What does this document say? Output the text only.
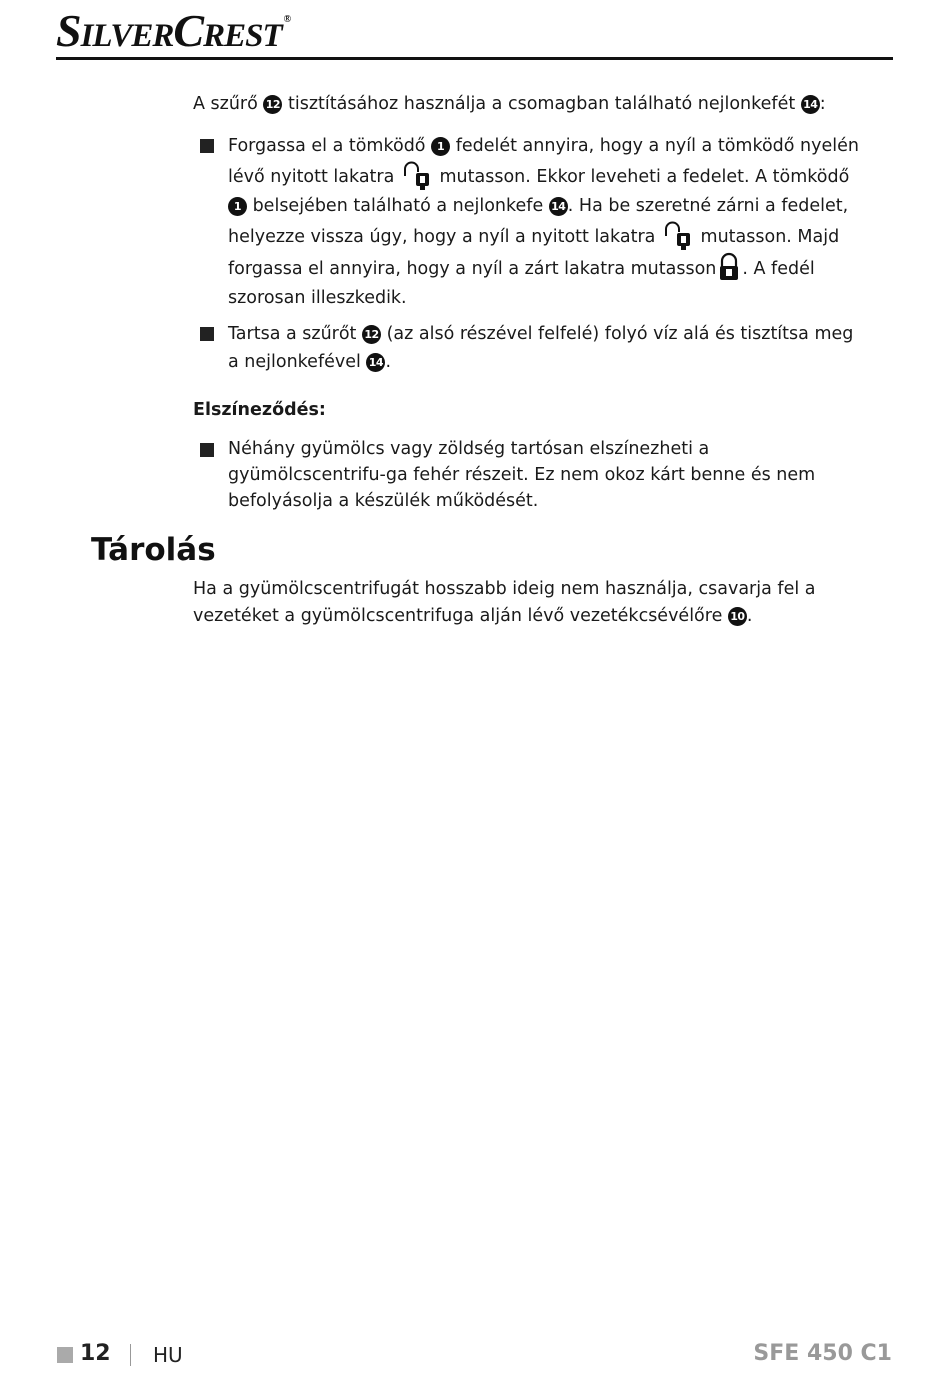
SILVERCREST ®

A szűrő 12 tisztításához használja a csomagban található nejlonkefét 14 :

Forgassa el a tömködő 1 fedelét annyira, hogy a nyíl a tömködő nyelén lévő nyitott lakatra	mutasson. Ekkor leveheti a fedelet. A tömködő 1 belsejében található a nejlonkefe 14 . Ha be szeretné zárni a fedelet, helyezze vissza úgy, hogy a nyíl a nyitott lakatra	mutasson. Majd forgassa el annyira, hogy a nyíl a zárt lakatra mutasson . A fedél szorosan illeszkedik.
Tartsa a szűrőt 12 (az alsó részével felfelé) folyó víz alá és tisztítsa meg a nejlonkefével 14 .
Elszíneződés:
Néhány gyümölcs vagy zöldség tartósan elszínezheti a gyümölcscentrifu-ga fehér részeit. Ez nem okoz kárt benne és nem befolyásolja a készülék működését.
Tárolás

Ha a gyümölcscentrifugát hosszabb ideig nem használja, csavarja fel a vezetéket a gyümölcscentrifuga alján lévő vezetékcsévélőre 10 .

12 HU	SFE 450 C1
